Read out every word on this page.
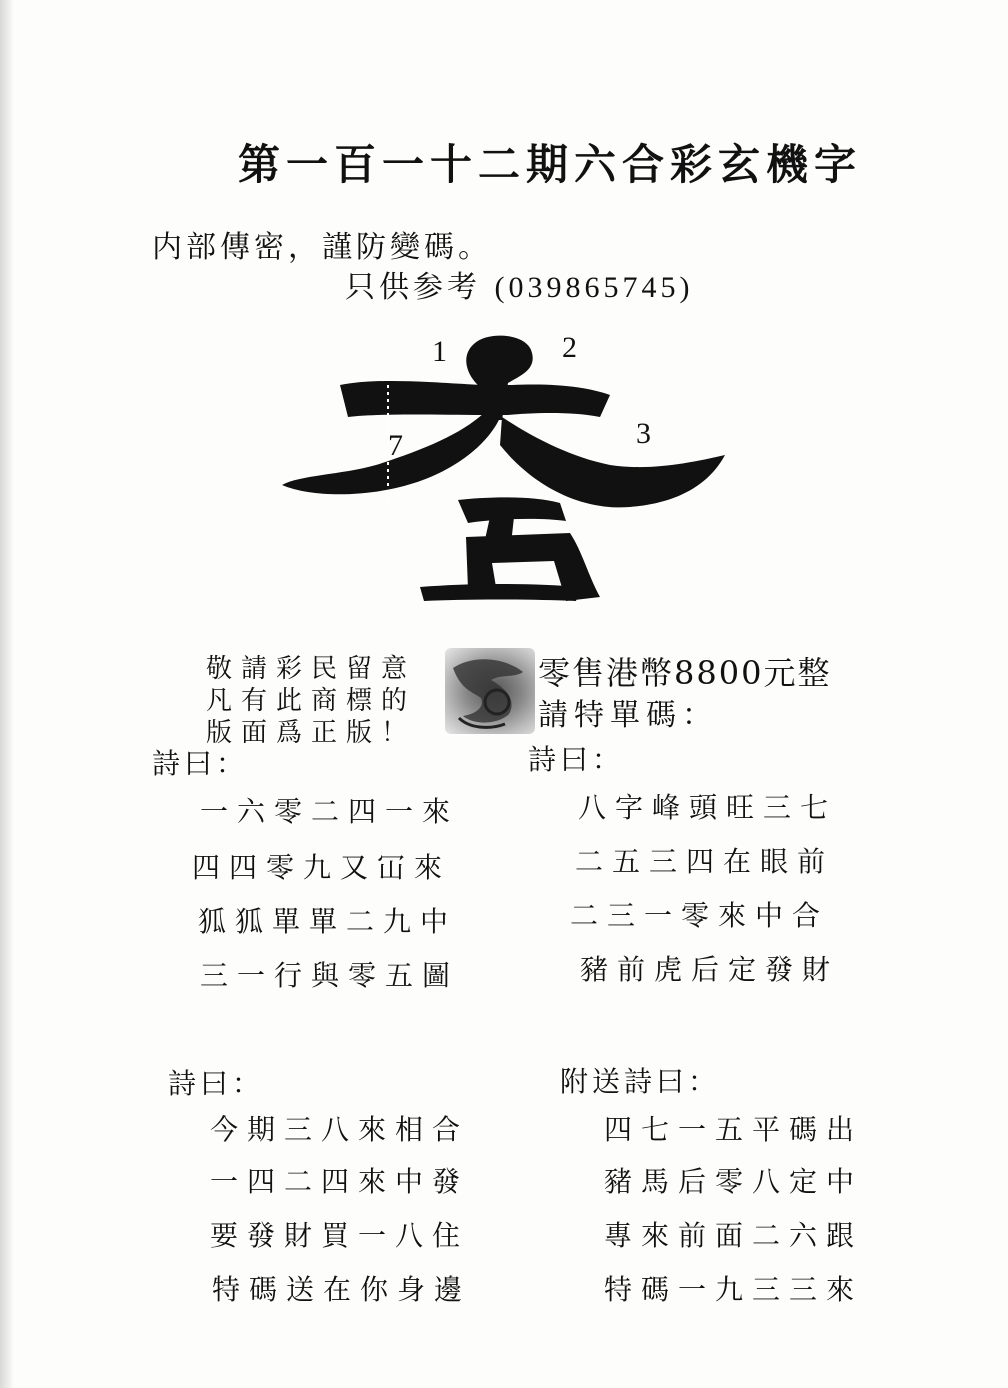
第一百一十二期六合彩玄機字
内部傳密，謹防變碼。
只供参考 (039865745)
1	2
3
7
敬請彩民留意
凡有此商標的
版面爲正版！
零售港幣8800元整
請特單碼：
詩曰：
一六零二四一來
四四零九又冚來
狐狐單單二九中
三一行與零五圖
詩曰：
八字峰頭旺三七
二五三四在眼前
二三一零來中合
豬前虎后定發財
詩曰：
今期三八來相合
一四二四來中發
要發財買一八住
特碼送在你身邊
附送詩曰：
四七一五平碼出
豬馬后零八定中
專來前面二六跟
特碼一九三三來
